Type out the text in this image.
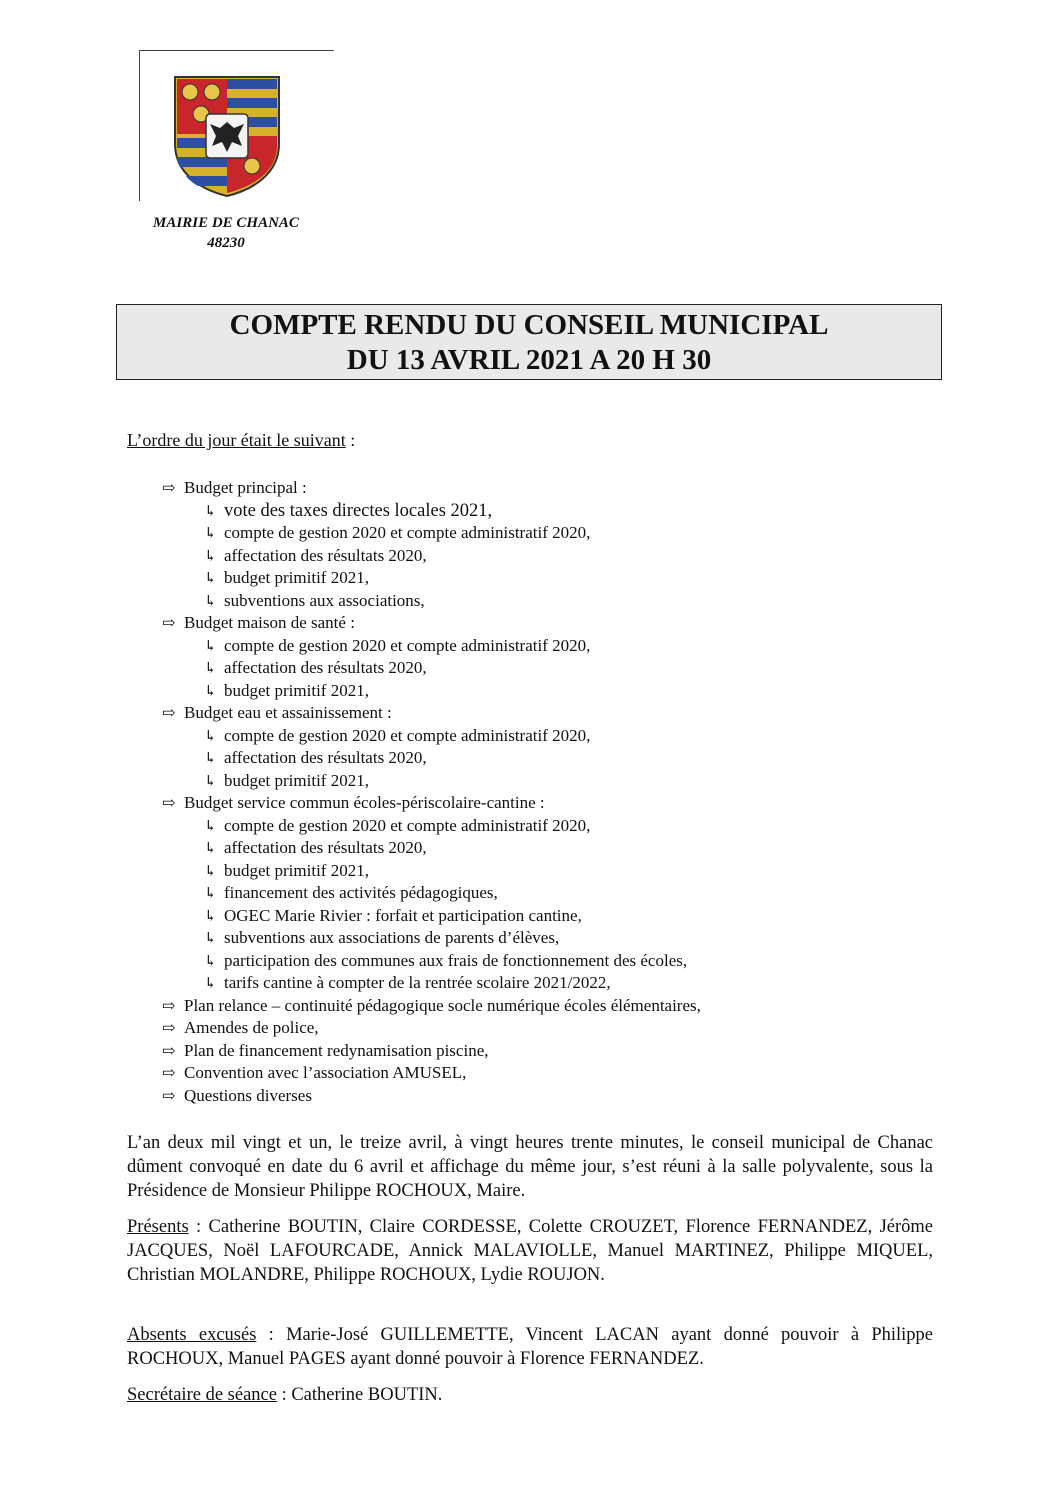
MAIRIE DE CHANAC
48230
COMPTE RENDU DU CONSEIL MUNICIPAL
DU 13 AVRIL 2021 A 20 H 30
L’ordre du jour était le suivant :
⇨ Budget principal :
↳ vote des taxes directes locales 2021,
↳ compte de gestion 2020 et compte administratif 2020,
↳ affectation des résultats 2020,
↳ budget primitif 2021,
↳ subventions aux associations,
⇨ Budget maison de santé :
↳ compte de gestion 2020 et compte administratif 2020,
↳ affectation des résultats 2020,
↳ budget primitif 2021,
⇨ Budget eau et assainissement :
↳ compte de gestion 2020 et compte administratif 2020,
↳ affectation des résultats 2020,
↳ budget primitif 2021,
⇨ Budget service commun écoles-périscolaire-cantine :
↳ compte de gestion 2020 et compte administratif 2020,
↳ affectation des résultats 2020,
↳ budget primitif 2021,
↳ financement des activités pédagogiques,
↳ OGEC Marie Rivier : forfait et participation cantine,
↳ subventions aux associations de parents d’élèves,
↳ participation des communes aux frais de fonctionnement des écoles,
↳ tarifs cantine à compter de la rentrée scolaire 2021/2022,
⇨ Plan relance – continuité pédagogique socle numérique écoles élémentaires,
⇨ Amendes de police,
⇨ Plan de financement redynamisation piscine,
⇨ Convention avec l’association AMUSEL,
⇨ Questions diverses
L’an deux mil vingt et un, le treize avril, à vingt heures trente minutes, le conseil municipal de Chanac dûment convoqué en date du 6 avril et affichage du même jour, s’est réuni à la salle polyvalente, sous la Présidence de Monsieur Philippe ROCHOUX, Maire.
Présents : Catherine BOUTIN, Claire CORDESSE, Colette CROUZET, Florence FERNANDEZ, Jérôme JACQUES, Noël LAFOURCADE, Annick MALAVIOLLE, Manuel MARTINEZ, Philippe MIQUEL, Christian MOLANDRE, Philippe ROCHOUX, Lydie ROUJON.
Absents excusés : Marie-José GUILLEMETTE, Vincent LACAN ayant donné pouvoir à Philippe ROCHOUX, Manuel PAGES ayant donné pouvoir à Florence FERNANDEZ.
Secrétaire de séance : Catherine BOUTIN.
